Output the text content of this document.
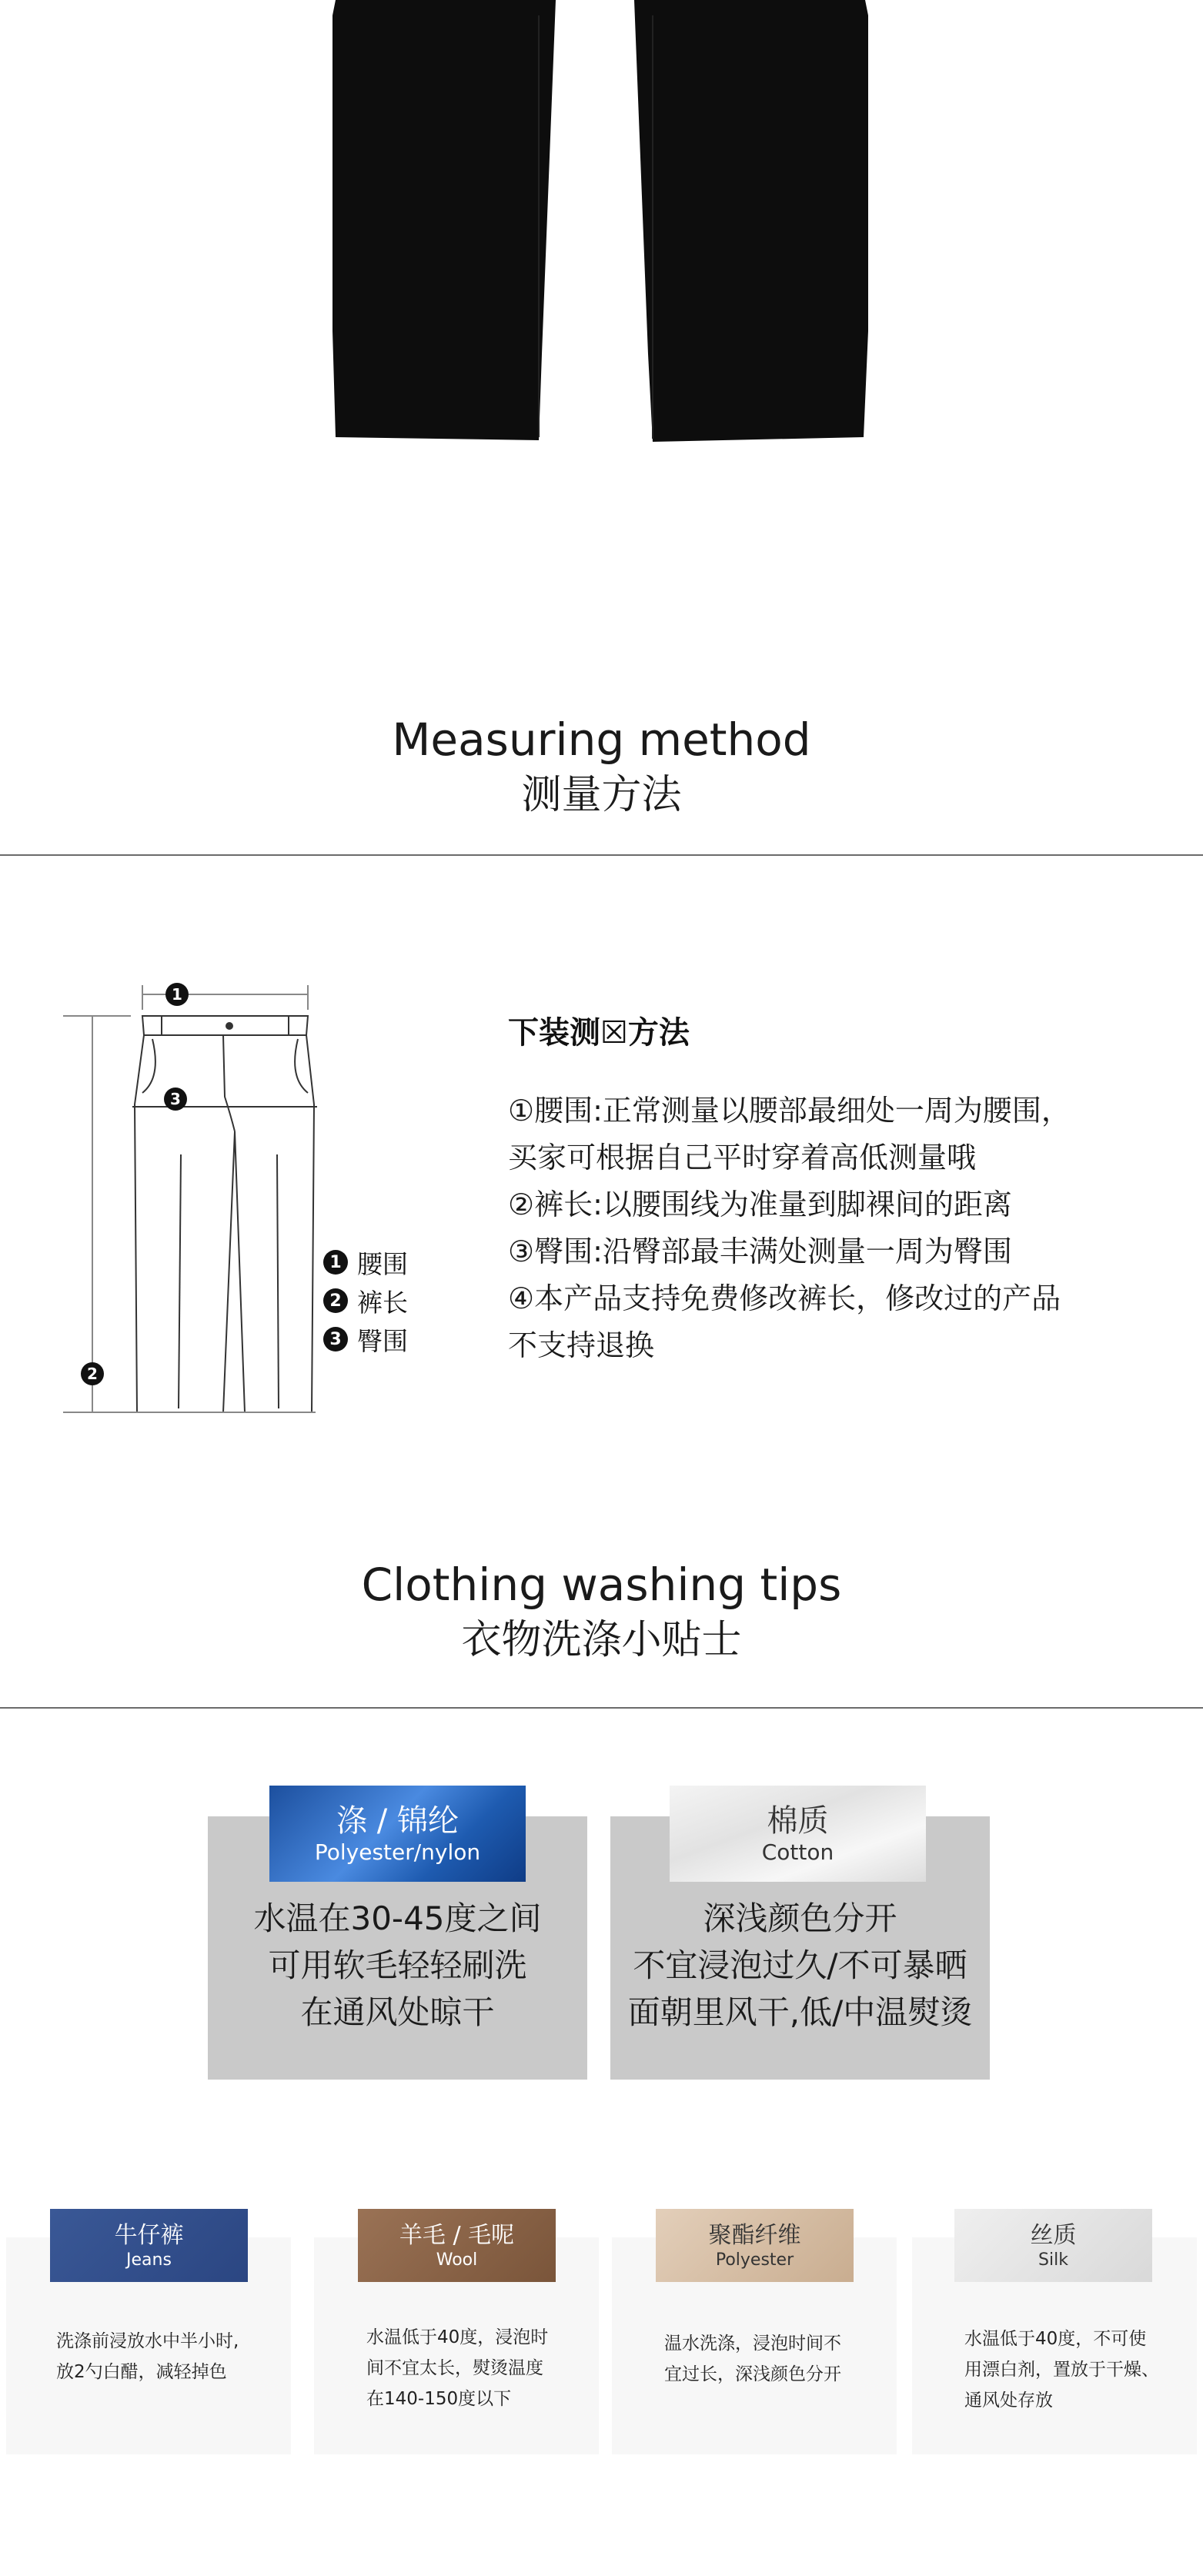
Measuring method
测量方法
1
3
2
1 腰围
2 裤长
3 臀围
下装测☒方法
①腰围:正常测量以腰部最细处一周为腰围，
买家可根据自己平时穿着高低测量哦
②裤长:以腰围线为准量到脚裸间的距离
③臀围:沿臀部最丰满处测量一周为臀围
④本产品支持免费修改裤长，修改过的产品
不支持退换
Clothing washing tips
衣物洗涤小贴士
水温在30-45度之间
可用软毛轻轻刷洗
在通风处晾干
涤 / 锦纶
Polyester/nylon
深浅颜色分开
不宜浸泡过久/不可暴晒
面朝里风干,低/中温熨烫
棉质
Cotton
洗涤前浸放水中半小时,
放2勺白醋，减轻掉色
牛仔裤
Jeans
水温低于40度，浸泡时
间不宜太长，熨烫温度
在140-150度以下
羊毛 / 毛呢
Wool
温水洗涤，浸泡时间不
宜过长，深浅颜色分开
聚酯纤维
Polyester
水温低于40度，不可使
用漂白剂，置放于干燥、
通风处存放
丝质
Silk
